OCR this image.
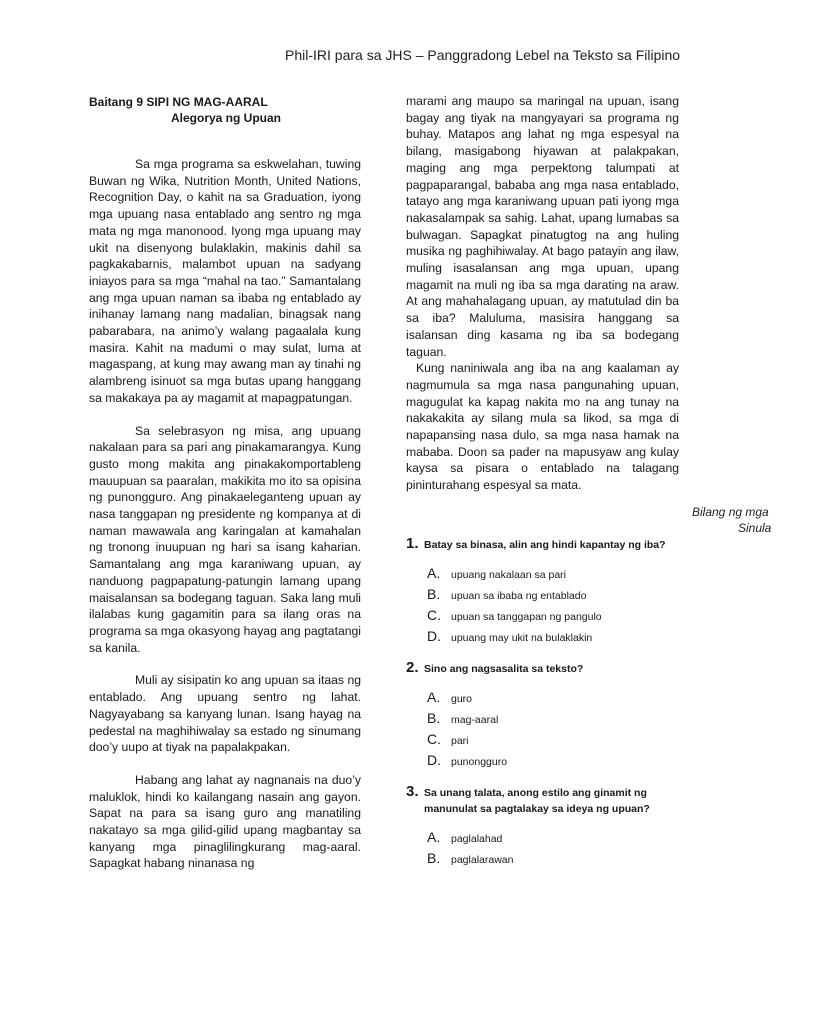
Phil-IRI para sa JHS – Panggradong Lebel na Teksto sa Filipino

Baitang 9 SIPI NG MAG-AARAL

Alegorya ng Upuan

Sa mga programa sa eskwelahan, tuwing Buwan ng Wika, Nutrition Month, United Nations, Recognition Day, o kahit na sa Graduation, iyong mga upuang nasa entablado ang sentro ng mga mata ng mga manonood. Iyong mga upuang may ukit na disenyong bulaklakin, makinis dahil sa pagkakabarnis, malambot upuan na sadyang iniayos para sa mga “mahal na tao.” Samantalang ang mga upuan naman sa ibaba ng entablado ay inihanay lamang nang madalian, binagsak nang pabarabara, na animo’y walang pagaalala kung masira. Kahit na madumi o may sulat, luma at magaspang, at kung may awang man ay tinahi ng alambreng isinuot sa mga butas upang hanggang sa makakaya pa ay magamit at mapagpatungan.

Sa selebrasyon ng misa, ang upuang nakalaan para sa pari ang pinakamarangya. Kung gusto mong makita ang pinakakomportableng mauupuan sa paaralan, makikita mo ito sa opisina ng punongguro. Ang pinakaeleganteng upuan ay nasa tanggapan ng presidente ng kompanya at di naman mawawala ang karingalan at kamahalan ng tronong inuupuan ng hari sa isang kaharian. Samantalang ang mga karaniwang upuan, ay nanduong pagpapatung-patungin lamang upang maisalansan sa bodegang taguan. Saka lang muli ilalabas kung gagamitin para sa ilang oras na programa sa mga okasyong hayag ang pagtatangi sa kanila.

Muli ay sisipatin ko ang upuan sa itaas ng entablado. Ang upuang sentro ng lahat. Nagyayabang sa kanyang lunan. Isang hayag na pedestal na maghihiwalay sa estado ng sinumang doo’y uupo at tiyak na papalakpakan.

Habang ang lahat ay nagnanais na duo’y maluklok, hindi ko kailangang nasain ang gayon. Sapat na para sa isang guro ang manatiling nakatayo sa mga gilid-gilid upang magbantay sa kanyang mga pinaglilingkurang mag-aaral. Sapagkat habang ninanasa ng

marami ang maupo sa maringal na upuan, isang bagay ang tiyak na mangyayari sa programa ng buhay. Matapos ang lahat ng mga espesyal na bilang, masigabong hiyawan at palakpakan, maging ang mga perpektong talumpati at pagpaparangal, bababa ang mga nasa entablado, tatayo ang mga karaniwang upuan pati iyong mga nakasalampak sa sahig. Lahat, upang lumabas sa bulwagan. Sapagkat pinatugtog na ang huling musika ng paghihiwalay. At bago patayin ang ilaw, muling isasalansan ang mga upuan, upang magamit na muli ng iba sa mga darating na araw. At ang mahahalagang upuan, ay matutulad din ba sa iba? Maluluma, masisira hanggang sa isalansan ding kasama ng iba sa bodegang taguan.

Kung naniniwala ang iba na ang kaalaman ay nagmumula sa mga nasa pangunahing upuan, magugulat ka kapag nakita mo na ang tunay na nakakakita ay silang mula sa likod, sa mga di napapansing nasa dulo, sa mga nasa hamak na mababa. Doon sa pader na mapusyaw ang kulay kaysa sa pisara o entablado na talagang pininturahang espesyal sa mata.

Bilang ng mga
Sinula
1. Batay sa binasa, alin ang hindi kapantay ng iba?
A.	upuang nakalaan sa pari
B.	upuan sa ibaba ng entablado
C. upuan sa tanggapan ng pangulo
D. upuang may ukit na bulaklakin
2. Sino ang nagsasalita sa teksto?
A.	guro
B.	mag-aaral
C. pari
D. punongguro
3. Sa unang talata, anong estilo ang ginamit ng manunulat sa pagtalakay sa ideya ng upuan?
A.	paglalahad
B.	paglalarawan
